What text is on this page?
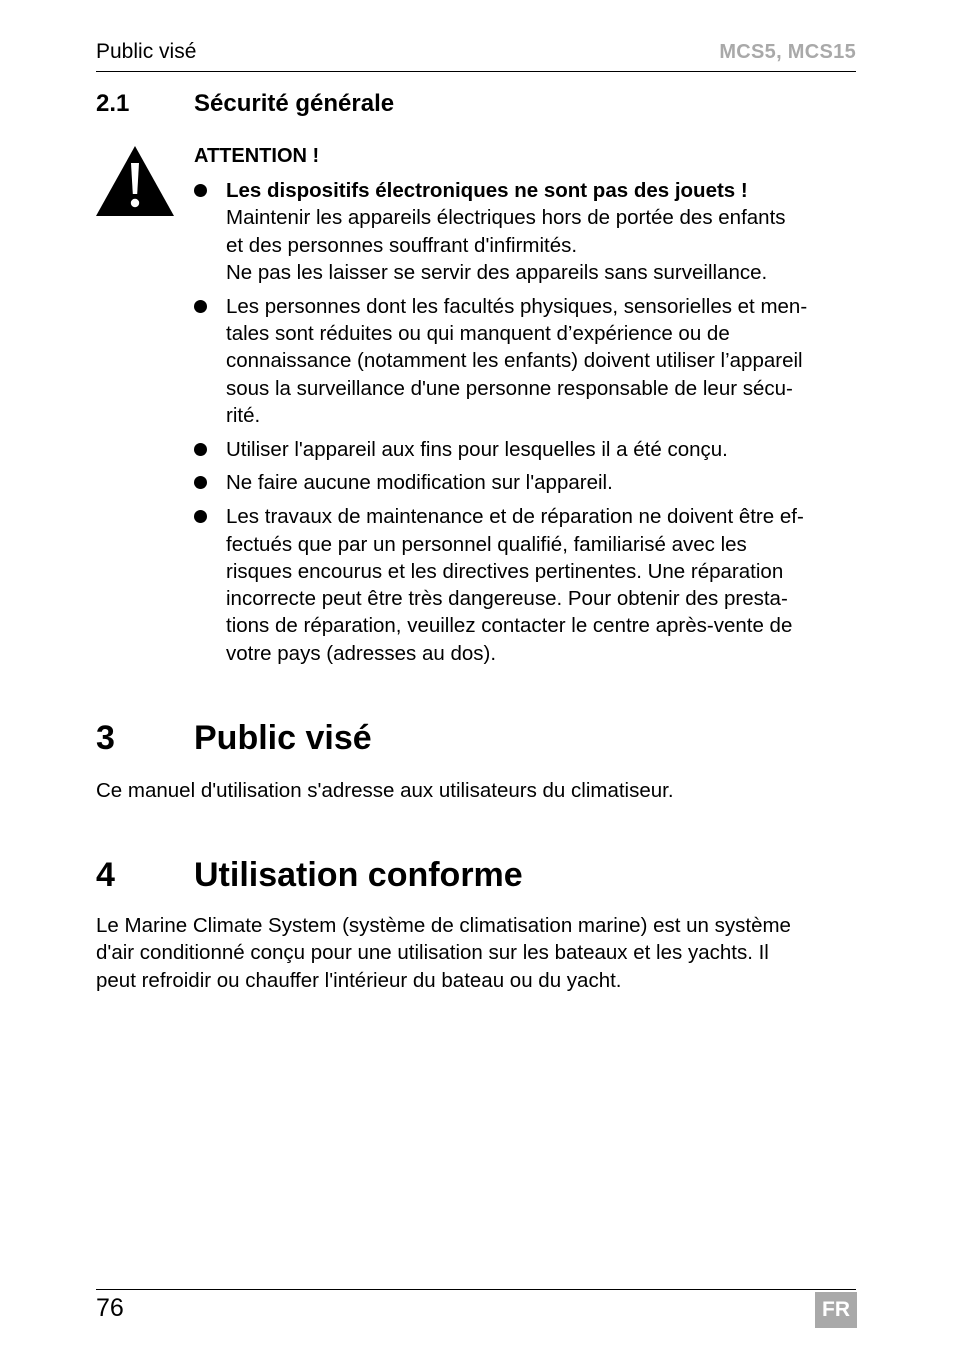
Public visé	MCS5, MCS15
2.1	Sécurité générale
ATTENTION !
Les dispositifs électroniques ne sont pas des jouets !
Maintenir les appareils électriques hors de portée des enfants
et des personnes souffrant d'infirmités.
Ne pas les laisser se servir des appareils sans surveillance.
Les personnes dont les facultés physiques, sensorielles et men-
tales sont réduites ou qui manquent d’expérience ou de
connaissance (notamment les enfants) doivent utiliser l’appareil
sous la surveillance d'une personne responsable de leur sécu-
rité.
Utiliser l'appareil aux fins pour lesquelles il a été conçu.
Ne faire aucune modification sur l'appareil.
Les travaux de maintenance et de réparation ne doivent être ef-
fectués que par un personnel qualifié, familiarisé avec les
risques encourus et les directives pertinentes. Une réparation
incorrecte peut être très dangereuse. Pour obtenir des presta-
tions de réparation, veuillez contacter le centre après-vente de
votre pays (adresses au dos).
3 Public visé
Ce manuel d'utilisation s'adresse aux utilisateurs du climatiseur.
4 Utilisation conforme
Le Marine Climate System (système de climatisation marine) est un système
d'air conditionné conçu pour une utilisation sur les bateaux et les yachts. Il
peut refroidir ou chauffer l'intérieur du bateau ou du yacht.
76	FR
